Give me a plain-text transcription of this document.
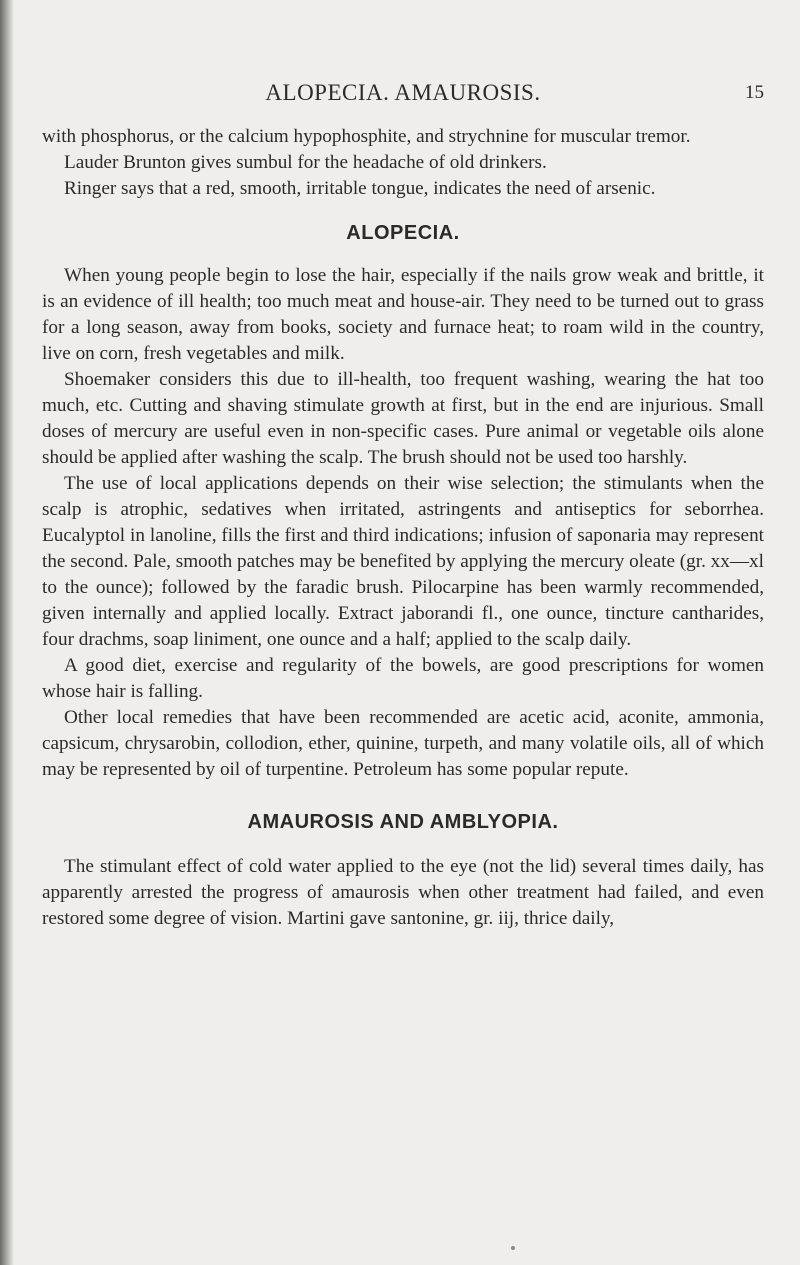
ALOPECIA. AMAUROSIS.	15

with phosphorus, or the calcium hypophosphite, and strychnine for muscular tremor.

Lauder Brunton gives sumbul for the headache of old drinkers.

Ringer says that a red, smooth, irritable tongue, indicates the need of arsenic.

ALOPECIA.

When young people begin to lose the hair, especially if the nails grow weak and brittle, it is an evidence of ill health; too much meat and house-air. They need to be turned out to grass for a long season, away from books, society and furnace heat; to roam wild in the country, live on corn, fresh vegetables and milk.

Shoemaker considers this due to ill-health, too frequent washing, wearing the hat too much, etc. Cutting and shaving stimulate growth at first, but in the end are injurious. Small doses of mercury are useful even in non-specific cases. Pure animal or vegetable oils alone should be applied after washing the scalp. The brush should not be used too harshly.

The use of local applications depends on their wise selection; the stimulants when the scalp is atrophic, sedatives when irritated, astringents and antiseptics for seborrhea. Eucalyptol in lanoline, fills the first and third indications; infusion of saponaria may represent the second. Pale, smooth patches may be benefited by applying the mercury oleate (gr. xx—xl to the ounce); followed by the faradic brush. Pilocarpine has been warmly recommended, given internally and applied locally. Extract jaborandi fl., one ounce, tincture cantharides, four drachms, soap liniment, one ounce and a half; applied to the scalp daily.

A good diet, exercise and regularity of the bowels, are good prescriptions for women whose hair is falling.

Other local remedies that have been recommended are acetic acid, aconite, ammonia, capsicum, chrysarobin, collodion, ether, quinine, turpeth, and many volatile oils, all of which may be represented by oil of turpentine. Petroleum has some popular repute.

AMAUROSIS AND AMBLYOPIA.

The stimulant effect of cold water applied to the eye (not the lid) several times daily, has apparently arrested the progress of amaurosis when other treatment had failed, and even restored some degree of vision. Martini gave santonine, gr. iij, thrice daily,
